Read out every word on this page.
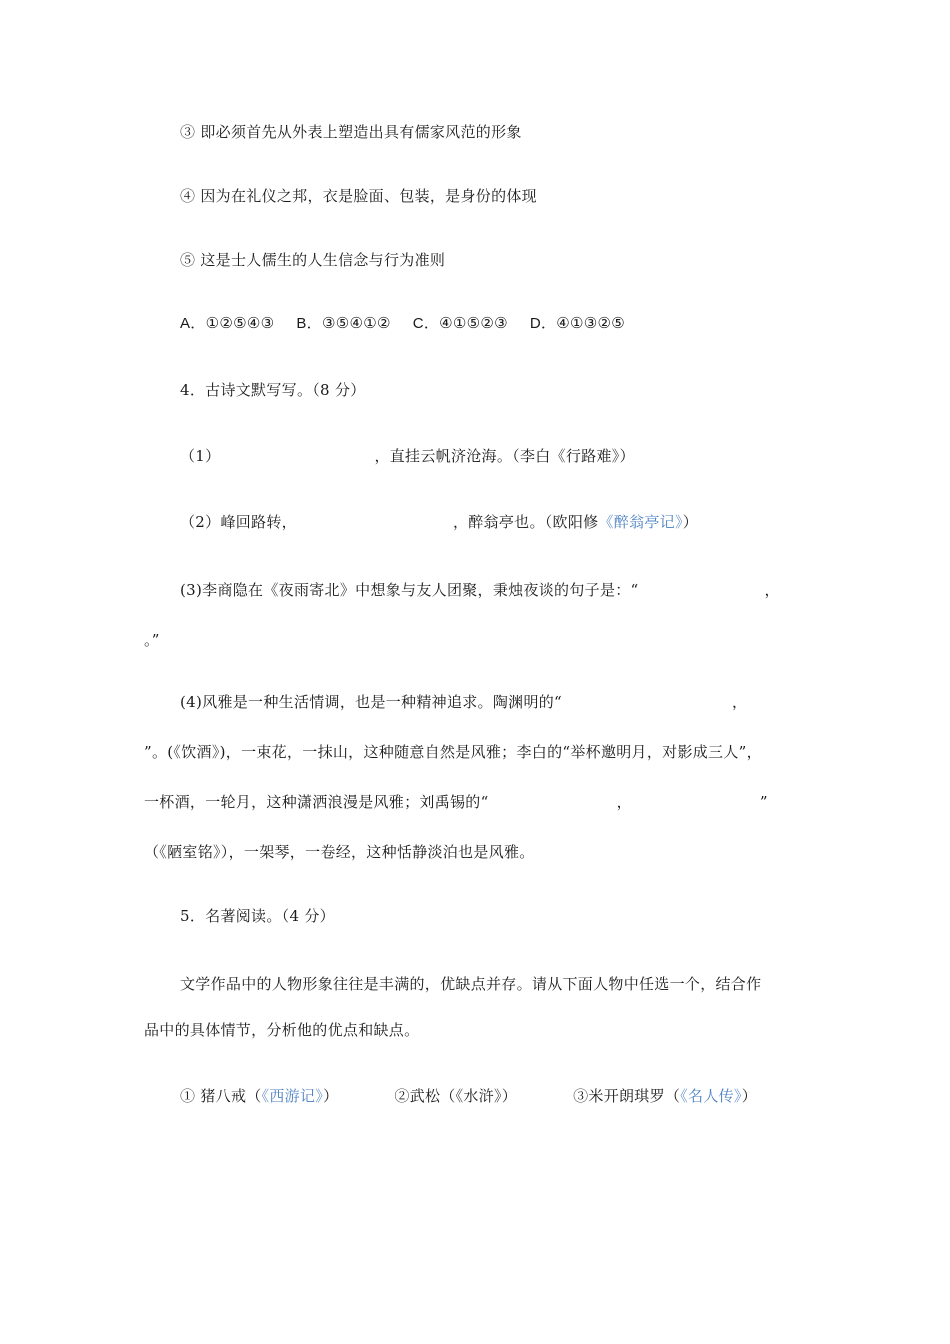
③ 即必须首先从外表上塑造出具有儒家风范的形象
④ 因为在礼仪之邦，衣是脸面、包装，是身份的体现
⑤ 这是士人儒生的人生信念与行为准则
A．①②⑤④③ B．③⑤④①② C．④①⑤②③ D．④①③②⑤
4．古诗文默写写。（8 分）
（1）	，直挂云帆济沧海。（李白《行路难》）
（2）峰回路转，	，醉翁亭也。（欧阳修《醉翁亭记》）
(3)李商隐在《夜雨寄北》中想象与友人团聚，秉烛夜谈的句子是：“	，
。”
(4)风雅是一种生活情调，也是一种精神追求。陶渊明的“	，
”。(《饮酒》)，一束花，一抹山，这种随意自然是风雅；李白的“举杯邀明月，对影成三人”，
一杯酒，一轮月，这种潇洒浪漫是风雅；刘禹锡的“	，	”
（《陋室铭》），一架琴，一卷经，这种恬静淡泊也是风雅。
5．名著阅读。（4 分）
文学作品中的人物形象往往是丰满的，优缺点并存。请从下面人物中任选一个，结合作
品中的具体情节，分析他的优点和缺点。
① 猪八戒（《西游记》）	②武松（《水浒》）	③米开朗琪罗（《名人传》）
